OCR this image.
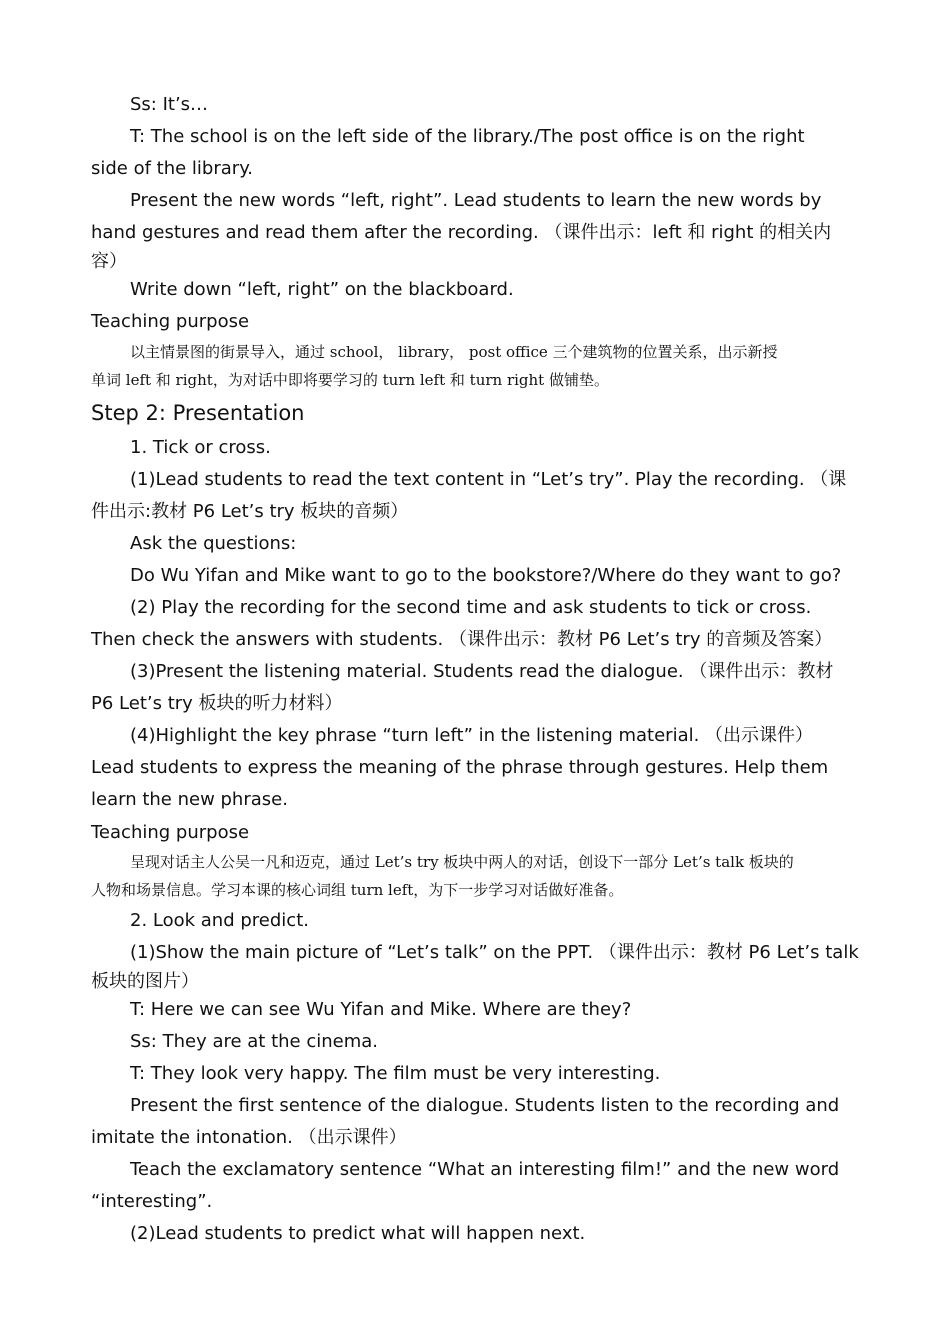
Ss: It’s…
T: The school is on the left side of the library./The post office is on the right
side of the library.
Present the new words “left, right”. Lead students to learn the new words by
hand gestures and read them after the recording. （课件出示：left 和 right 的相关内
容）
Write down “left, right” on the blackboard.
Teaching purpose
以主情景图的街景导入，通过 school， library， post office 三个建筑物的位置关系，出示新授
单词 left 和 right，为对话中即将要学习的 turn left 和 turn right 做铺垫。
Step 2: Presentation
1. Tick or cross.
(1)Lead students to read the text content in “Let’s try”. Play the recording. （课
件出示:教材 P6 Let’s try 板块的音频）
Ask the questions:
Do Wu Yifan and Mike want to go to the bookstore?/Where do they want to go?
(2) Play the recording for the second time and ask students to tick or cross.
Then check the answers with students. （课件出示：教材 P6 Let’s try 的音频及答案）
(3)Present the listening material. Students read the dialogue. （课件出示：教材
P6 Let’s try 板块的听力材料）
(4)Highlight the key phrase “turn left” in the listening material. （出示课件）
Lead students to express the meaning of the phrase through gestures. Help them
learn the new phrase.
Teaching purpose
呈现对话主人公吴一凡和迈克，通过 Let’s try 板块中两人的对话，创设下一部分 Let’s talk 板块的
人物和场景信息。学习本课的核心词组 turn left，为下一步学习对话做好准备。
2. Look and predict.
(1)Show the main picture of “Let’s talk” on the PPT. （课件出示：教材 P6 Let’s talk
板块的图片）
T: Here we can see Wu Yifan and Mike. Where are they?
Ss: They are at the cinema.
T: They look very happy. The film must be very interesting.
Present the first sentence of the dialogue. Students listen to the recording and
imitate the intonation. （出示课件）
Teach the exclamatory sentence “What an interesting film!” and the new word
“interesting”.
(2)Lead students to predict what will happen next.
